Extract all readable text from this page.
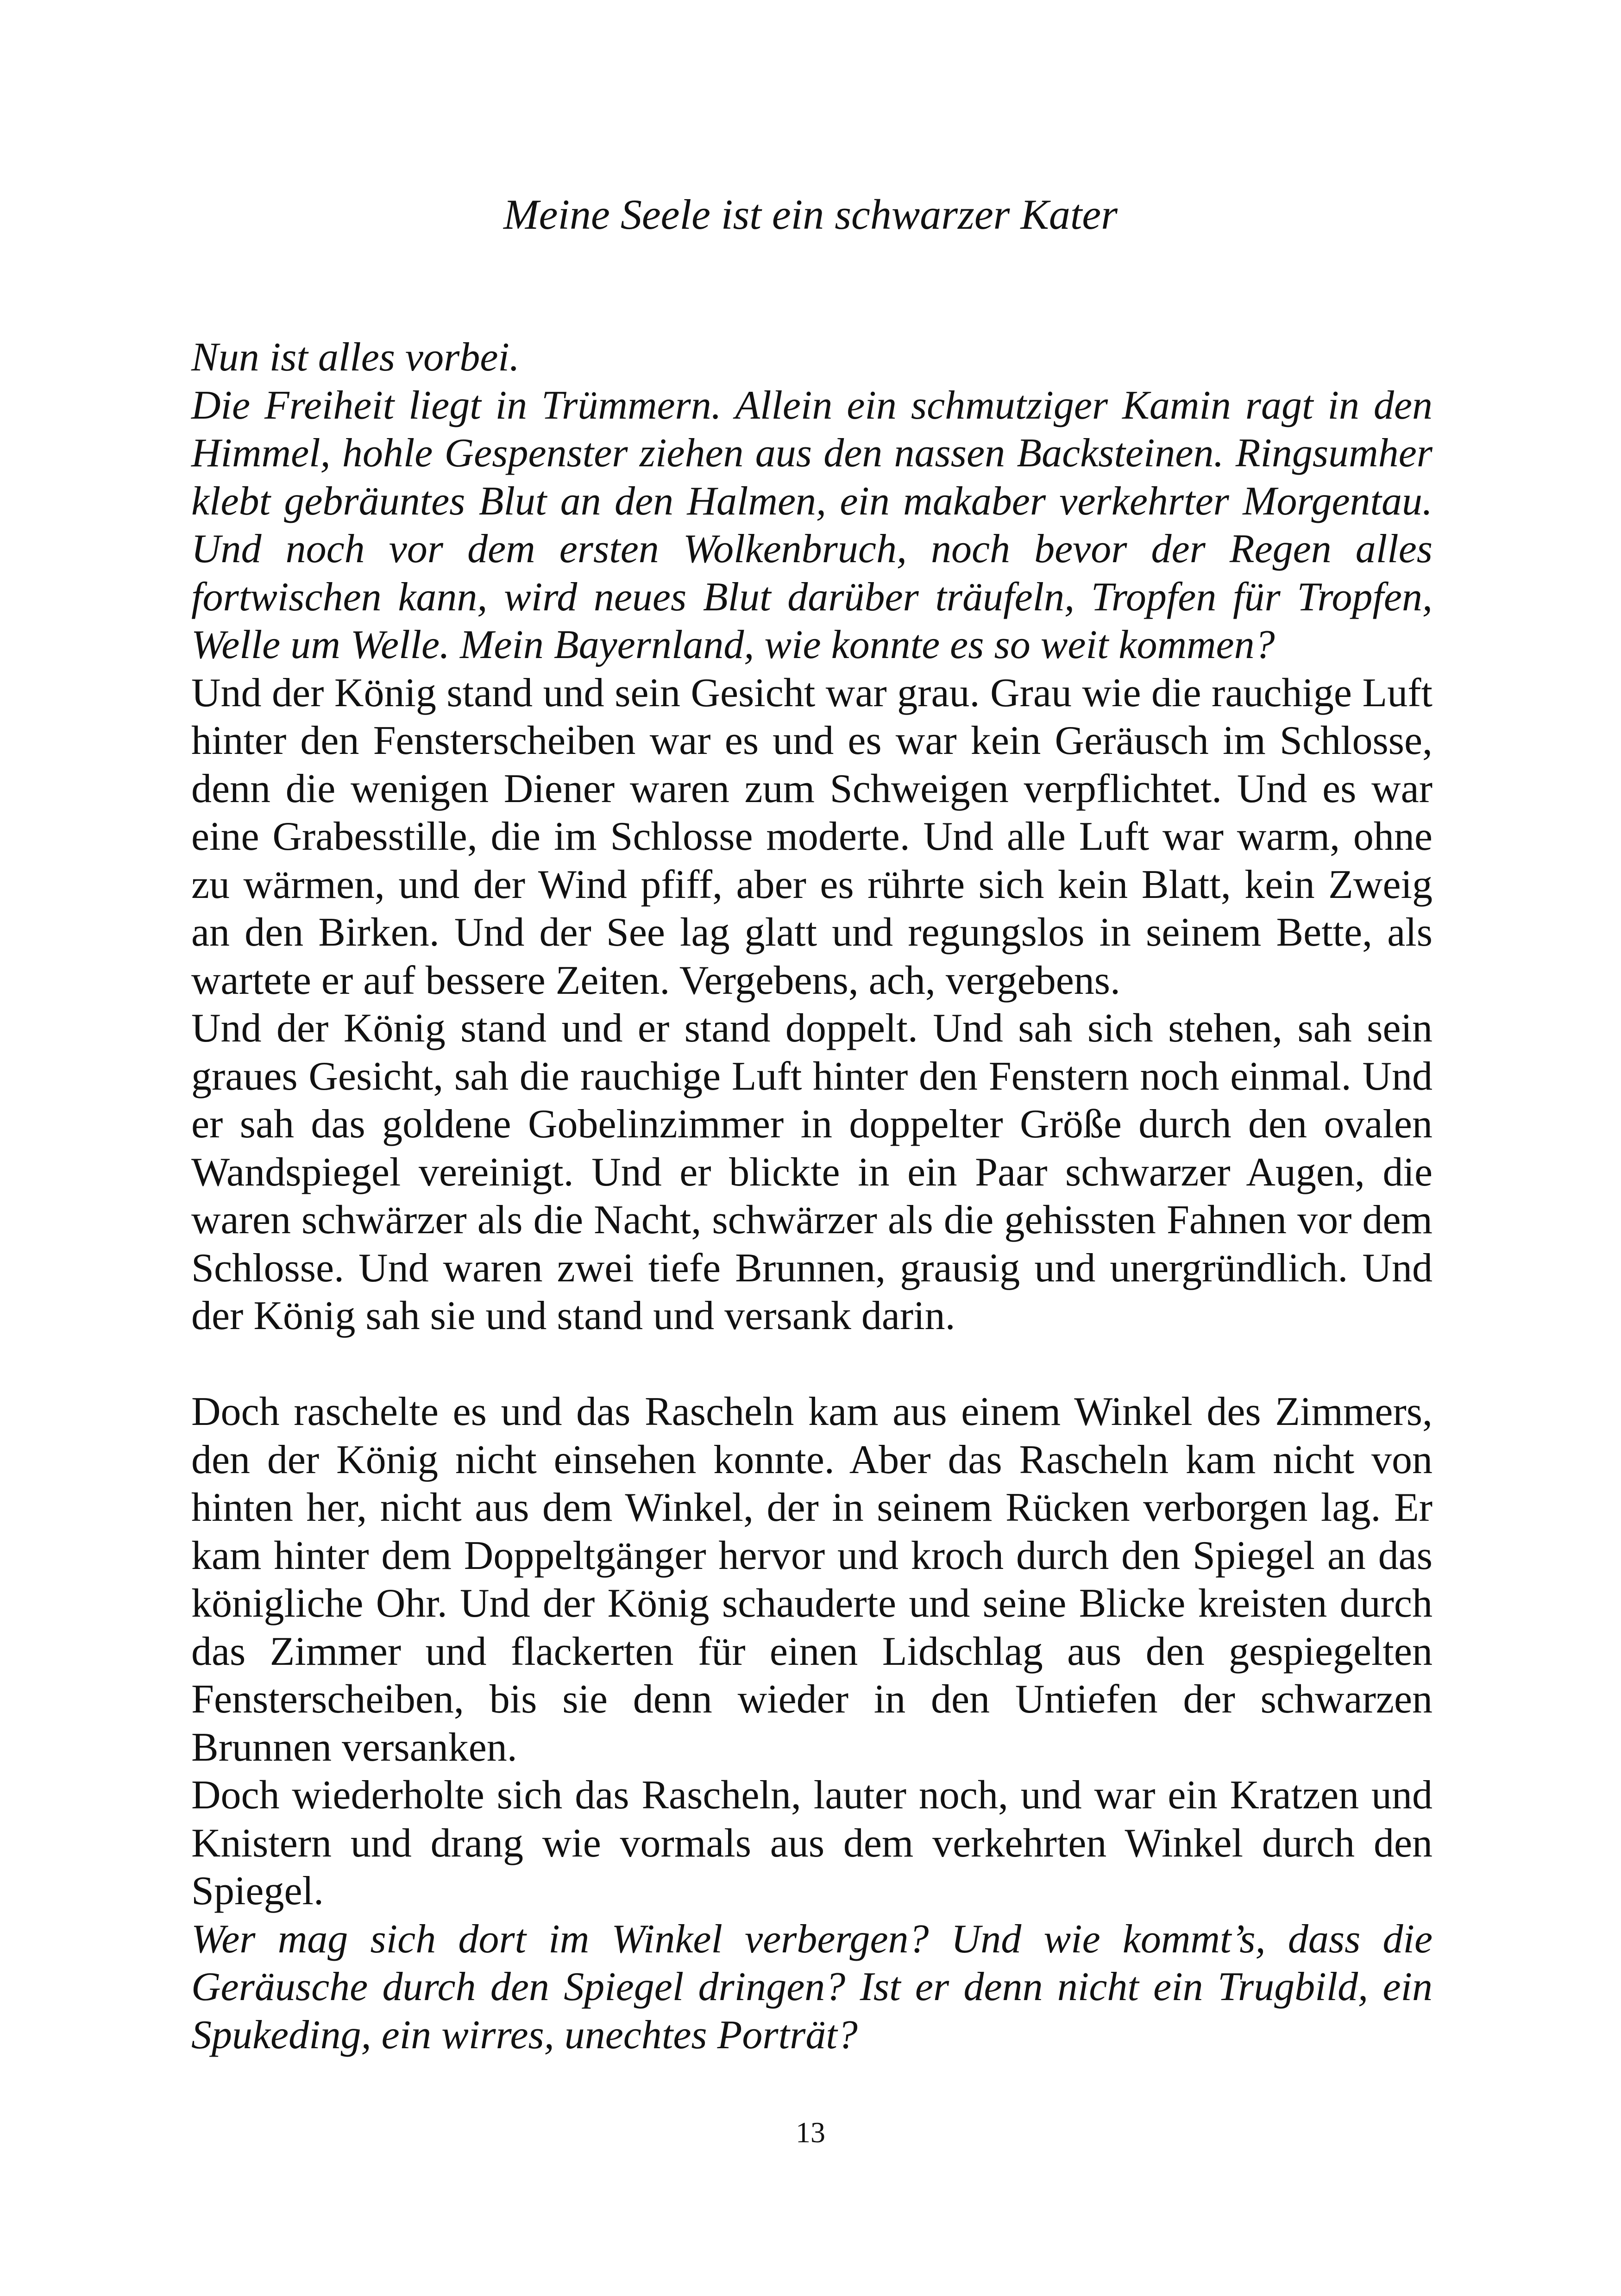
Meine Seele ist ein schwarzer Kater

Nun ist alles vorbei.

Die Freiheit liegt in Trümmern. Allein ein schmutziger Kamin ragt in den Himmel, hohle Gespenster ziehen aus den nassen Backsteinen. Ringsumher klebt gebräuntes Blut an den Halmen, ein makaber verkehrter Morgentau. Und noch vor dem ersten Wolkenbruch, noch bevor der Regen alles fortwischen kann, wird neues Blut darüber träufeln, Tropfen für Tropfen, Welle um Welle. Mein Bayernland, wie konnte es so weit kommen?

Und der König stand und sein Gesicht war grau. Grau wie die rauchige Luft hinter den Fensterscheiben war es und es war kein Geräusch im Schlosse, denn die wenigen Diener waren zum Schweigen verpflichtet. Und es war eine Grabesstille, die im Schlosse moderte. Und alle Luft war warm, ohne zu wärmen, und der Wind pfiff, aber es rührte sich kein Blatt, kein Zweig an den Birken. Und der See lag glatt und regungslos in seinem Bette, als wartete er auf bessere Zeiten. Vergebens, ach, vergebens.

Und der König stand und er stand doppelt. Und sah sich stehen, sah sein graues Gesicht, sah die rauchige Luft hinter den Fenstern noch einmal. Und er sah das goldene Gobelinzimmer in doppelter Größe durch den ovalen Wandspiegel vereinigt. Und er blickte in ein Paar schwarzer Augen, die waren schwärzer als die Nacht, schwärzer als die gehissten Fahnen vor dem Schlosse. Und waren zwei tiefe Brunnen, grausig und unergründlich. Und der König sah sie und stand und versank darin.

Doch raschelte es und das Rascheln kam aus einem Winkel des Zimmers, den der König nicht einsehen konnte. Aber das Rascheln kam nicht von hinten her, nicht aus dem Winkel, der in seinem Rücken verborgen lag. Er kam hinter dem Doppeltgänger hervor und kroch durch den Spiegel an das königliche Ohr. Und der König schauderte und seine Blicke kreisten durch das Zimmer und flackerten für einen Lidschlag aus den gespiegelten Fensterscheiben, bis sie denn wieder in den Untiefen der schwarzen Brunnen versanken.

Doch wiederholte sich das Rascheln, lauter noch, und war ein Kratzen und Knistern und drang wie vormals aus dem verkehrten Winkel durch den Spiegel.

Wer mag sich dort im Winkel verbergen? Und wie kommt’s, dass die Geräusche durch den Spiegel dringen? Ist er denn nicht ein Trugbild, ein Spukeding, ein wirres, unechtes Porträt?

13
